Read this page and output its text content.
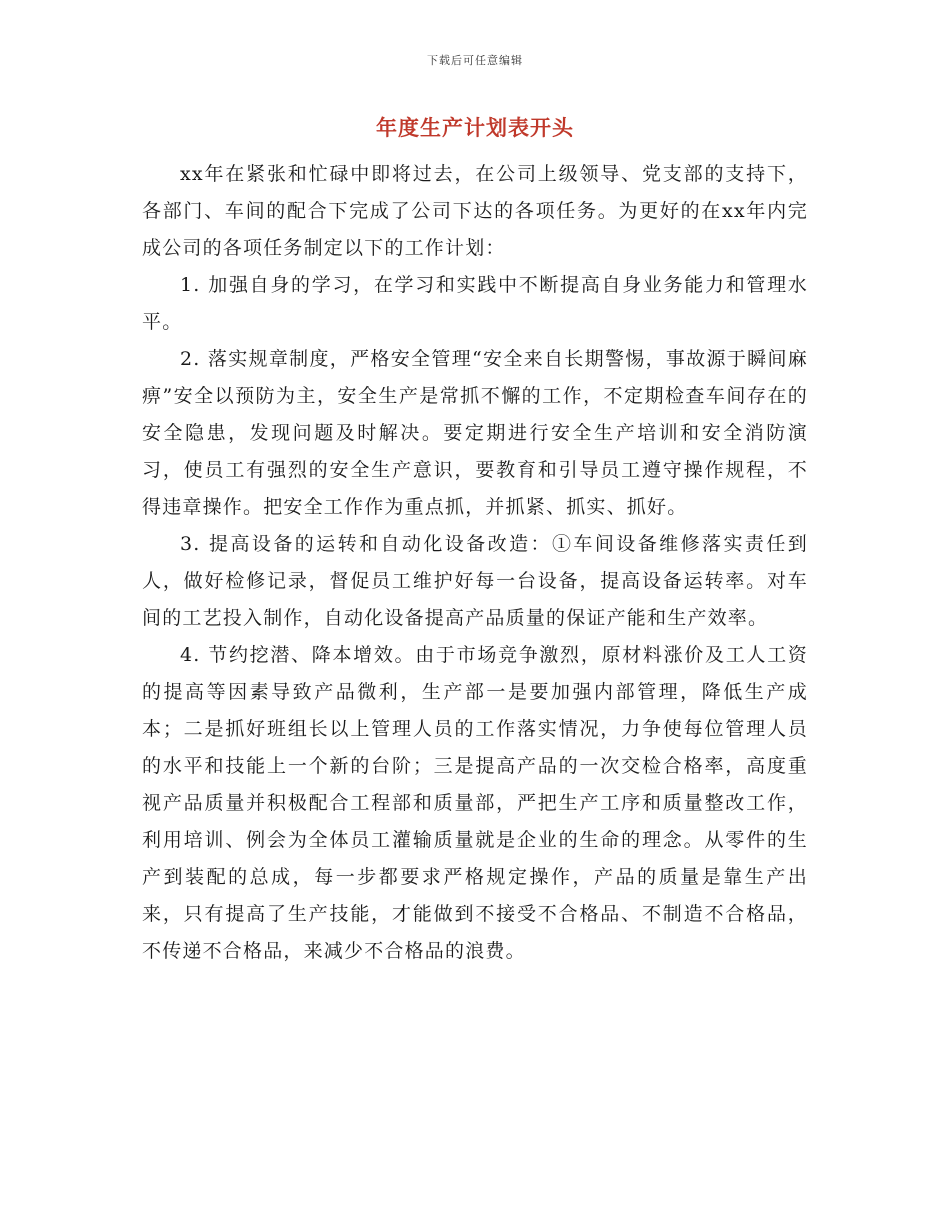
下载后可任意编辑
年度生产计划表开头

xx年在紧张和忙碌中即将过去，在公司上级领导、党支部的支持下，各部门、车间的配合下完成了公司下达的各项任务。为更好的在xx年内完成公司的各项任务制定以下的工作计划：

1. 加强自身的学习，在学习和实践中不断提高自身业务能力和管理水平。

2. 落实规章制度，严格安全管理“安全来自长期警惕，事故源于瞬间麻痹”安全以预防为主，安全生产是常抓不懈的工作，不定期检查车间存在的安全隐患，发现问题及时解决。要定期进行安全生产培训和安全消防演习，使员工有强烈的安全生产意识，要教育和引导员工遵守操作规程，不得违章操作。把安全工作作为重点抓，并抓紧、抓实、抓好。

3. 提高设备的运转和自动化设备改造：①车间设备维修落实责任到人，做好检修记录，督促员工维护好每一台设备，提高设备运转率。对车间的工艺投入制作，自动化设备提高产品质量的保证产能和生产效率。

4. 节约挖潜、降本增效。由于市场竞争激烈，原材料涨价及工人工资的提高等因素导致产品微利，生产部一是要加强内部管理，降低生产成本；二是抓好班组长以上管理人员的工作落实情况，力争使每位管理人员的水平和技能上一个新的台阶；三是提高产品的一次交检合格率，高度重视产品质量并积极配合工程部和质量部，严把生产工序和质量整改工作，利用培训、例会为全体员工灌输质量就是企业的生命的理念。从零件的生产到装配的总成，每一步都要求严格规定操作，产品的质量是靠生产出来，只有提高了生产技能，才能做到不接受不合格品、不制造不合格品，不传递不合格品，来减少不合格品的浪费。
